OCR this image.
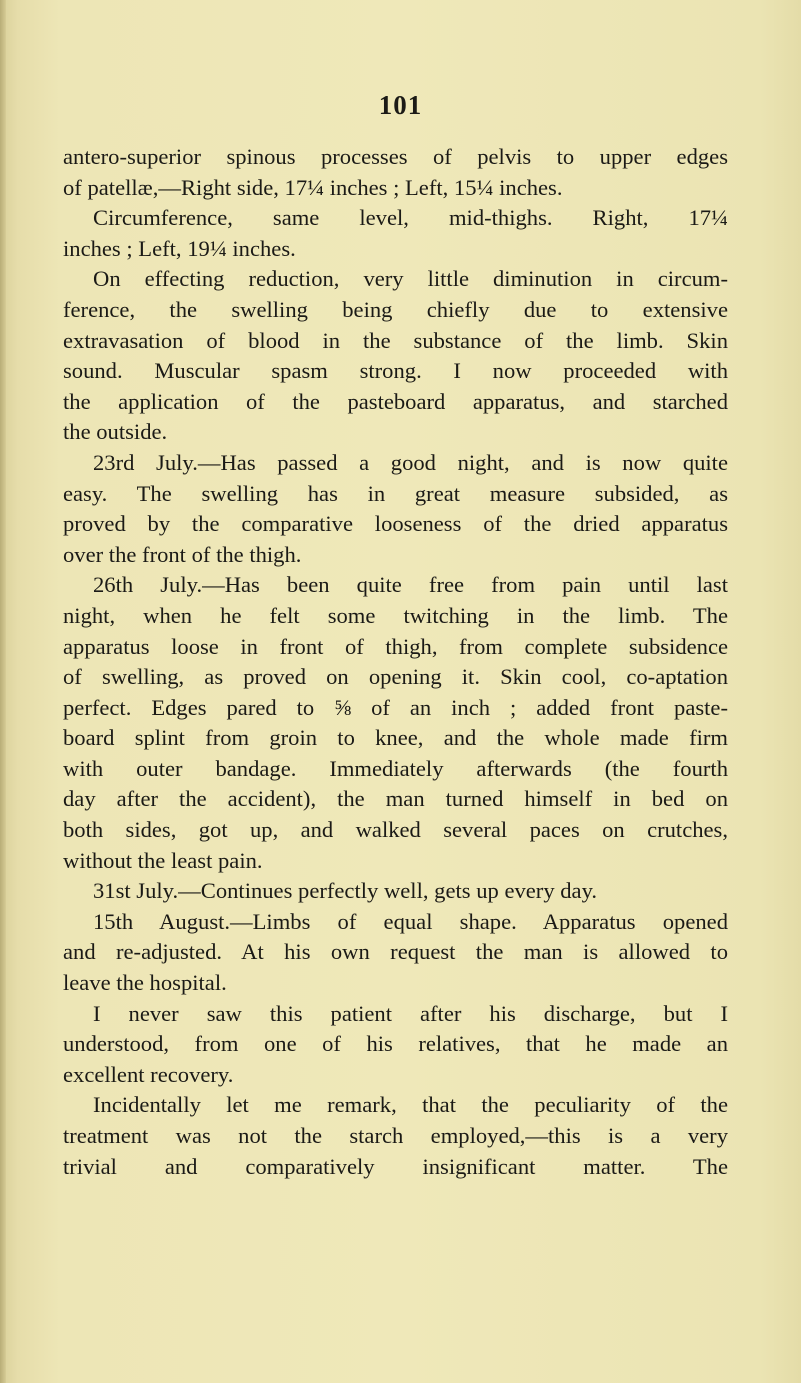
101
antero-superior spinous processes of pelvis to upper edges
of patellæ,—Right side, 17¼ inches ; Left, 15¼ inches.
Circumference, same level, mid-thighs. Right, 17¼
inches ; Left, 19¼ inches.
On effecting reduction, very little diminution in circum-
ference, the swelling being chiefly due to extensive
extravasation of blood in the substance of the limb. Skin
sound. Muscular spasm strong. I now proceeded with
the application of the pasteboard apparatus, and starched
the outside.
23rd July.—Has passed a good night, and is now quite
easy. The swelling has in great measure subsided, as
proved by the comparative looseness of the dried apparatus
over the front of the thigh.
26th July.—Has been quite free from pain until last
night, when he felt some twitching in the limb. The
apparatus loose in front of thigh, from complete subsidence
of swelling, as proved on opening it. Skin cool, co-aptation
perfect. Edges pared to ⅝ of an inch ; added front paste-
board splint from groin to knee, and the whole made firm
with outer bandage. Immediately afterwards (the fourth
day after the accident), the man turned himself in bed on
both sides, got up, and walked several paces on crutches,
without the least pain.
31st July.—Continues perfectly well, gets up every day.
15th August.—Limbs of equal shape. Apparatus opened
and re-adjusted. At his own request the man is allowed to
leave the hospital.
I never saw this patient after his discharge, but I
understood, from one of his relatives, that he made an
excellent recovery.
Incidentally let me remark, that the peculiarity of the
treatment was not the starch employed,—this is a very
trivial and comparatively insignificant matter. The
